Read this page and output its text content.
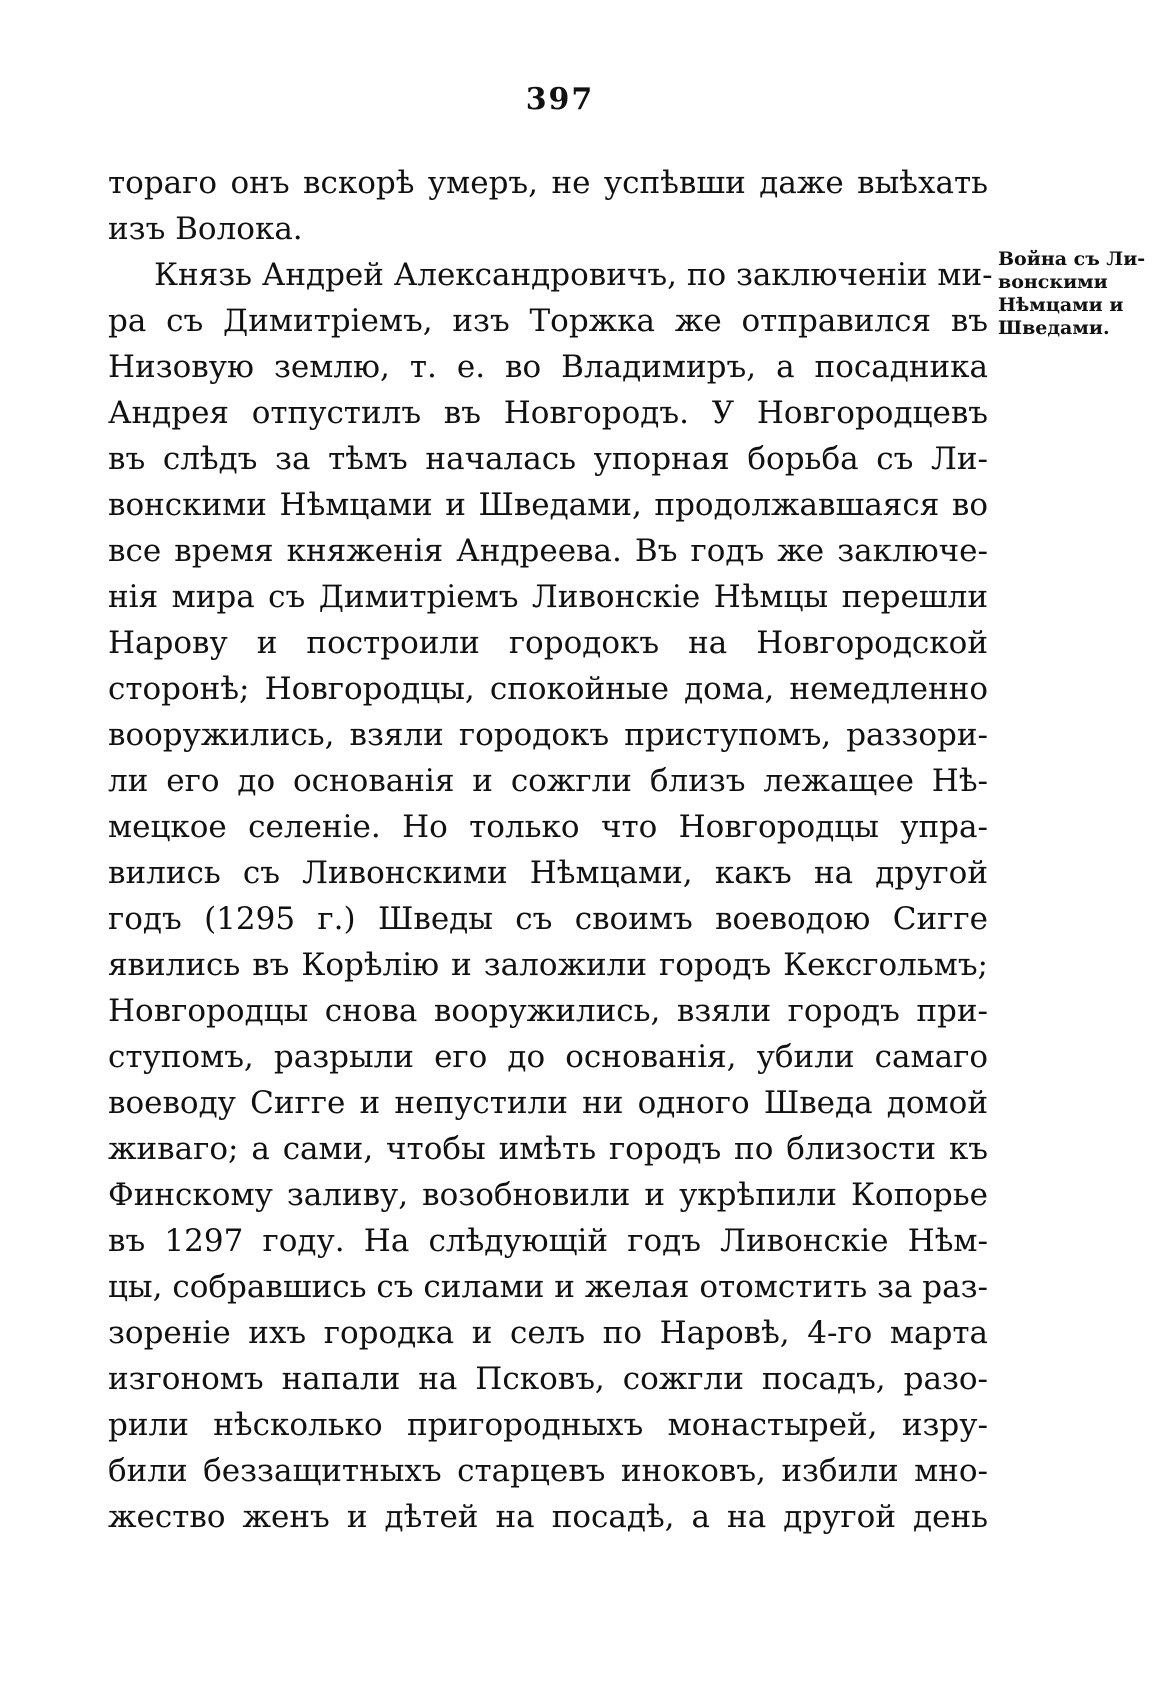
397
тораго онъ вскорѣ умеръ, не успѣвши даже выѣхать
изъ Волока.
Князь Андрей Александровичъ, по заключеніи ми-
ра съ Димитріемъ, изъ Торжка же отправился въ
Низовую землю, т. е. во Владимиръ, а посадника
Андрея отпустилъ въ Новгородъ. У Новгородцевъ
въ слѣдъ за тѣмъ началась упорная борьба съ Ли-
вонскими Нѣмцами и Шведами, продолжавшаяся во
все время княженія Андреева. Въ годъ же заключе-
нія мира съ Димитріемъ Ливонскіе Нѣмцы перешли
Нарову и построили городокъ на Новгородской
сторонѣ; Новгородцы, спокойные дома, немедленно
вооружились, взяли городокъ приступомъ, раззори-
ли его до основанія и сожгли близъ лежащее Нѣ-
мецкое селеніе. Но только что Новгородцы упра-
вились съ Ливонскими Нѣмцами, какъ на другой
годъ (1295 г.) Шведы съ своимъ воеводою Сигге
явились въ Корѣлію и заложили городъ Кексгольмъ;
Новгородцы снова вооружились, взяли городъ при-
ступомъ, разрыли его до основанія, убили самаго
воеводу Сигге и непустили ни одного Шведа домой
живаго; а сами, чтобы имѣть городъ по близости къ
Финскому заливу, возобновили и укрѣпили Копорье
въ 1297 году. На слѣдующій годъ Ливонскіе Нѣм-
цы, собравшись съ силами и желая отомстить за раз-
зореніе ихъ городка и селъ по Наровѣ, 4-го марта
изгономъ напали на Псковъ, сожгли посадъ, разо-
рили нѣсколько пригородныхъ монастырей, изру-
били беззащитныхъ старцевъ иноковъ, избили мно-
жество женъ и дѣтей на посадѣ, а на другой день
Война съ Ли-
вонскими
Нѣмцами и
Шведами.
